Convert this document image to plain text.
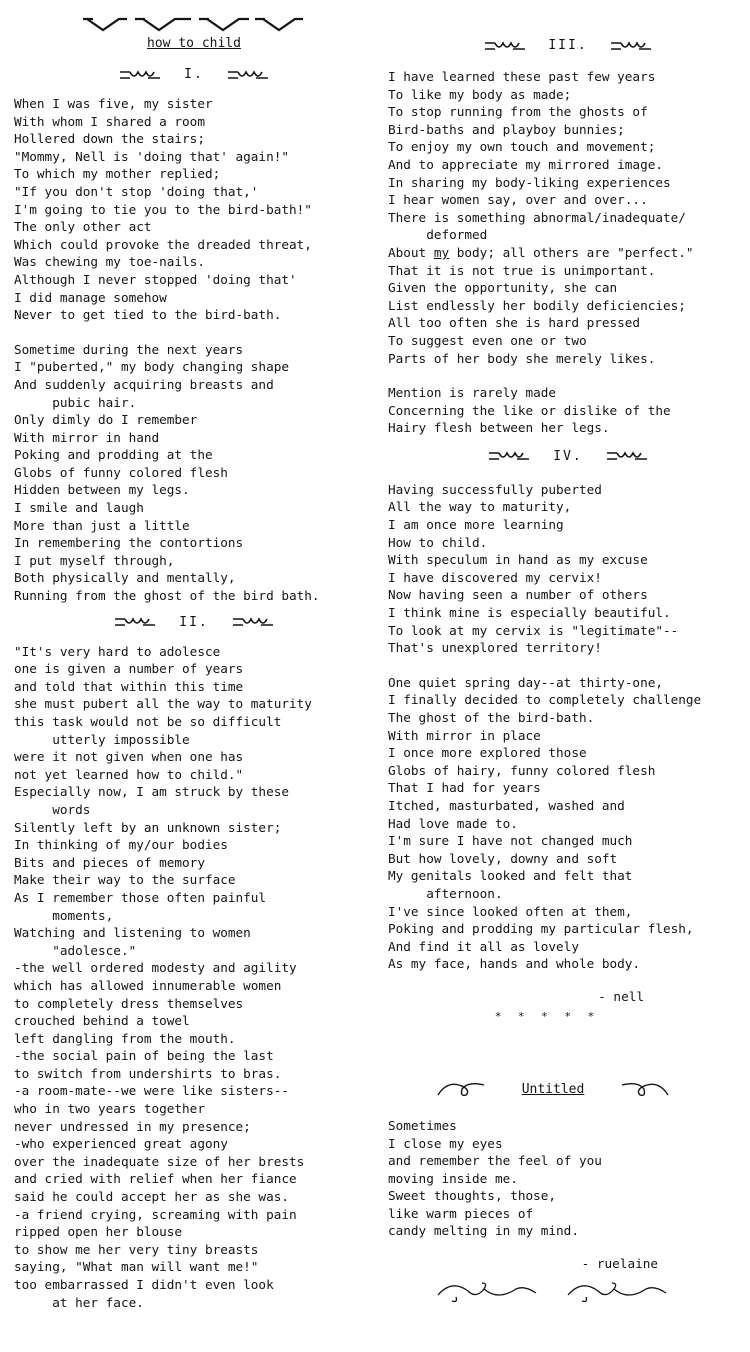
how to child
I.
When I was five, my sister
With whom I shared a room
Hollered down the stairs;
"Mommy, Nell is 'doing that' again!"
To which my mother replied;
"If you don't stop 'doing that,'
I'm going to tie you to the bird-bath!"
The only other act
Which could provoke the dreaded threat,
Was chewing my toe-nails.
Although I never stopped 'doing that'
I did manage somehow
Never to get tied to the bird-bath.
Sometime during the next years
I "puberted," my body changing shape
And suddenly acquiring breasts and
pubic hair.
Only dimly do I remember
With mirror in hand
Poking and prodding at the
Globs of funny colored flesh
Hidden between my legs.
I smile and laugh
More than just a little
In remembering the contortions
I put myself through,
Both physically and mentally,
Running from the ghost of the bird bath.
II.
"It's very hard to adolesce
one is given a number of years
and told that within this time
she must pubert all the way to maturity
this task would not be so difficult
utterly impossible
were it not given when one has
not yet learned how to child."
Especially now, I am struck by these
words
Silently left by an unknown sister;
In thinking of my/our bodies
Bits and pieces of memory
Make their way to the surface
As I remember those often painful
moments,
Watching and listening to women
"adolesce."
-the well ordered modesty and agility
which has allowed innumerable women
to completely dress themselves
crouched behind a towel
left dangling from the mouth.
-the social pain of being the last
to switch from undershirts to bras.
-a room-mate--we were like sisters--
who in two years together
never undressed in my presence;
-who experienced great agony
over the inadequate size of her brests
and cried with relief when her fiance
said he could accept her as she was.
-a friend crying, screaming with pain
ripped open her blouse
to show me her very tiny breasts
saying, "What man will want me!"
too embarrassed I didn't even look
at her face.
III.
I have learned these past few years
To like my body as made;
To stop running from the ghosts of
Bird-baths and playboy bunnies;
To enjoy my own touch and movement;
And to appreciate my mirrored image.
In sharing my body-liking experiences
I hear women say, over and over...
There is something abnormal/inadequate/
deformed
About my body; all others are "perfect."
That it is not true is unimportant.
Given the opportunity, she can
List endlessly her bodily deficiencies;
All too often she is hard pressed
To suggest even one or two
Parts of her body she merely likes.
Mention is rarely made
Concerning the like or dislike of the
Hairy flesh between her legs.
IV.
Having successfully puberted
All the way to maturity,
I am once more learning
How to child.
With speculum in hand as my excuse
I have discovered my cervix!
Now having seen a number of others
I think mine is especially beautiful.
To look at my cervix is "legitimate"--
That's unexplored territory!
One quiet spring day--at thirty-one,
I finally decided to completely challenge
The ghost of the bird-bath.
With mirror in place
I once more explored those
Globs of hairy, funny colored flesh
That I had for years
Itched, masturbated, washed and
Had love made to.
I'm sure I have not changed much
But how lovely, downy and soft
My genitals looked and felt that
afternoon.
I've since looked often at them,
Poking and prodding my particular flesh,
And find it all as lovely
As my face, hands and whole body.
- nell
* * * * *
Untitled
Sometimes
I close my eyes
and remember the feel of you
moving inside me.
Sweet thoughts, those,
like warm pieces of
candy melting in my mind.
- ruelaine
